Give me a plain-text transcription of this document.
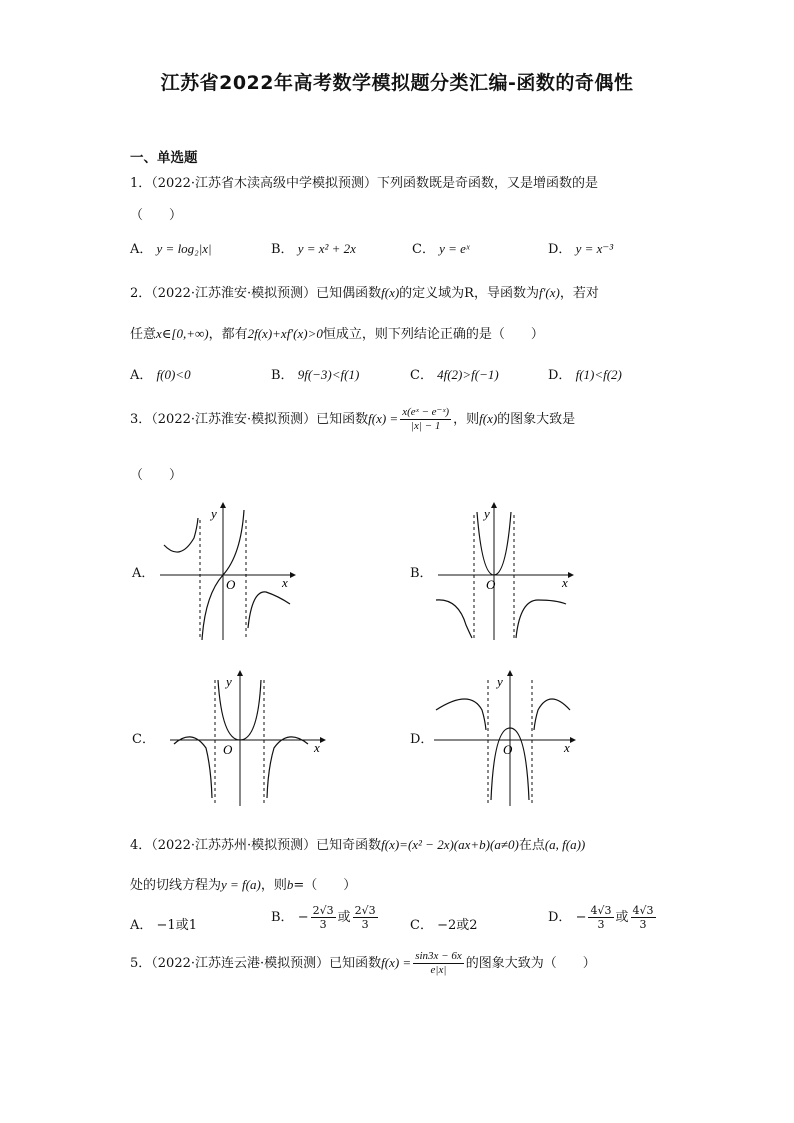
江苏省2022年高考数学模拟题分类汇编-函数的奇偶性
一、单选题
1．（2022·江苏省木渎高级中学模拟预测）下列函数既是奇函数，又是增函数的是
（　　）
A． y = log₂|x|	B． y = x² + 2x	C． y = eˣ	D． y = x⁻³
2．（2022·江苏淮安·模拟预测）已知偶函数f(x)的定义域为R，导函数为f′(x)，若对
任意x∈[0,+∞)，都有2f(x)+xf′(x)>0恒成立，则下列结论正确的是（　　）
A． f(0)<0	B． 9f(−3)<f(1)	C． 4f(2)>f(−1)	D． f(1)<f(2)
3．（2022·江苏淮安·模拟预测）已知函数$f(x) = \frac{\text{x(eˣ − e⁻ˣ)}}{|x| - 1}$ ，则f(x)的图象大致是
（　　）
A．	B．
C．	D．
O	x
y
O	x
y
O	x
y
O	x
y
4．（2022·江苏苏州·模拟预测）已知奇函数f(x)=(x² − 2x)(ax+b)(a≠0)在点(a, f(a))
处的切线方程为y = f(a)，则b=（　　）
A． −1或1
B． − $\frac{2√3}{3}$ 或 $\frac{2√3}{3}$ C． −2或2
D． − $\frac{4√3}{3}$ 或 $\frac{4√3}{3}$
5．（2022·江苏连云港·模拟预测）已知函数$f(x) = \frac{\sin 3x - 6x}{e|x|}$ 的图象大致为（　　）
